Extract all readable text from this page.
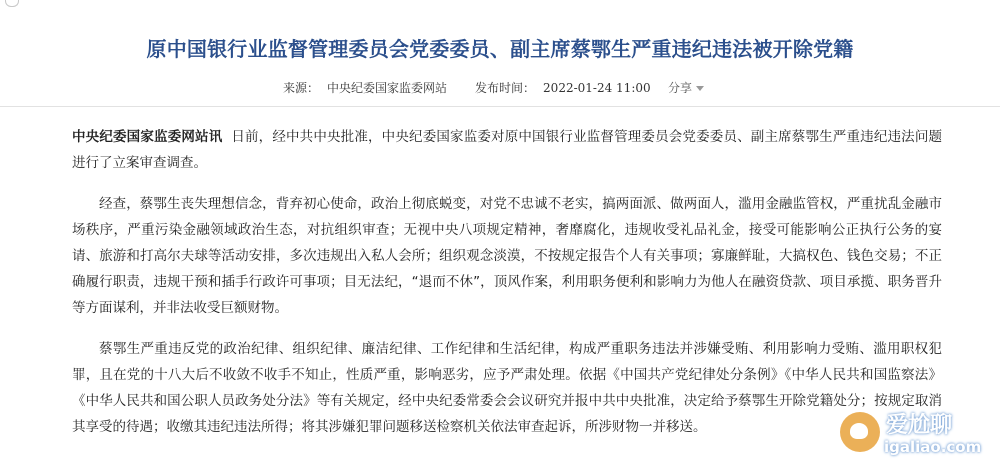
原中国银行业监督管理委员会党委委员、副主席蔡鄂生严重违纪违法被开除党籍
来源： 中央纪委国家监委网站 发布时间： 2022-01-24 11:00 分享

中央纪委国家监委网站讯 日前，经中共中央批准，中央纪委国家监委对原中国银行业监督管理委员会党委委员、副主席蔡鄂生严重违纪违法问题进行了立案审查调查。

经查，蔡鄂生丧失理想信念，背弃初心使命，政治上彻底蜕变，对党不忠诚不老实，搞两面派、做两面人，滥用金融监管权，严重扰乱金融市场秩序，严重污染金融领域政治生态，对抗组织审查；无视中央八项规定精神，奢靡腐化，违规收受礼品礼金，接受可能影响公正执行公务的宴请、旅游和打高尔夫球等活动安排，多次违规出入私人会所；组织观念淡漠，不按规定报告个人有关事项；寡廉鲜耻，大搞权色、钱色交易；不正确履行职责，违规干预和插手行政许可事项；目无法纪，“退而不休”，顶风作案，利用职务便利和影响力为他人在融资贷款、项目承揽、职务晋升等方面谋利，并非法收受巨额财物。

蔡鄂生严重违反党的政治纪律、组织纪律、廉洁纪律、工作纪律和生活纪律，构成严重职务违法并涉嫌受贿、利用影响力受贿、滥用职权犯罪，且在党的十八大后不收敛不收手不知止，性质严重，影响恶劣，应予严肃处理。依据《中国共产党纪律处分条例》《中华人民共和国监察法》《中华人民共和国公职人员政务处分法》等有关规定，经中央纪委常委会会议研究并报中共中央批准，决定给予蔡鄂生开除党籍处分；按规定取消其享受的待遇；收缴其违纪违法所得；将其涉嫌犯罪问题移送检察机关依法审查起诉，所涉财物一并移送。	爱尬聊
igaliao.com
